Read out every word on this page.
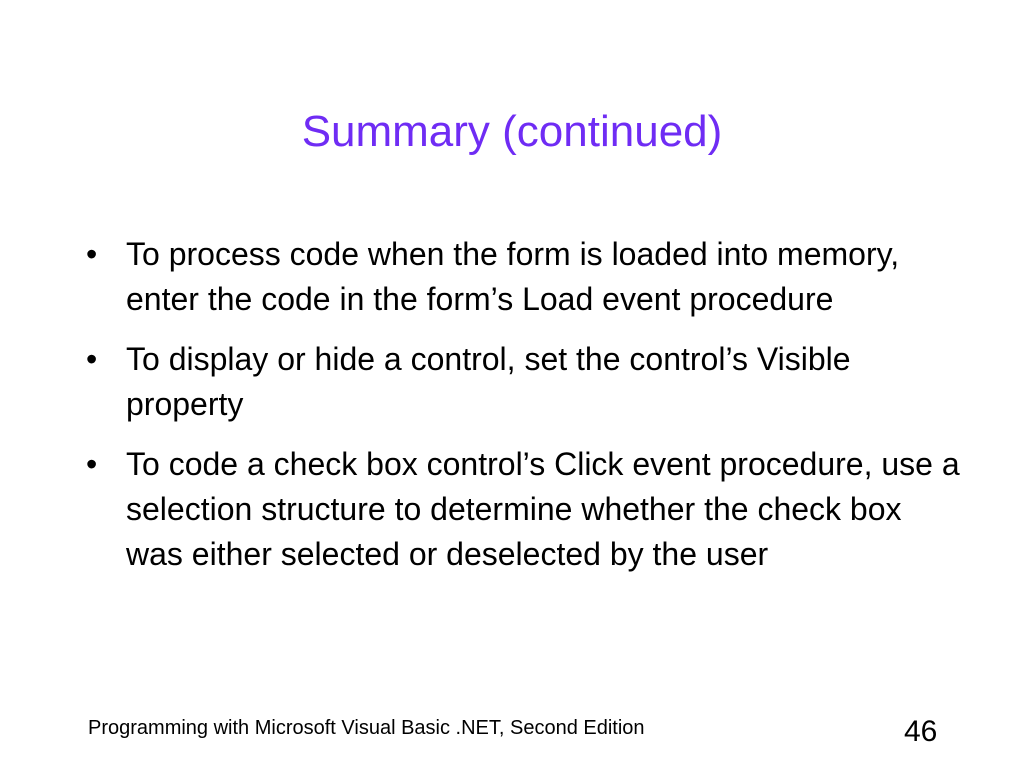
Summary (continued)
• To process code when the form is loaded into memory, enter the code in the form’s Load event procedure
• To display or hide a control, set the control’s Visible property
• To code a check box control’s Click event procedure, use a selection structure to determine whether the check box was either selected or deselected by the user
Programming with Microsoft Visual Basic .NET, Second Edition	46
